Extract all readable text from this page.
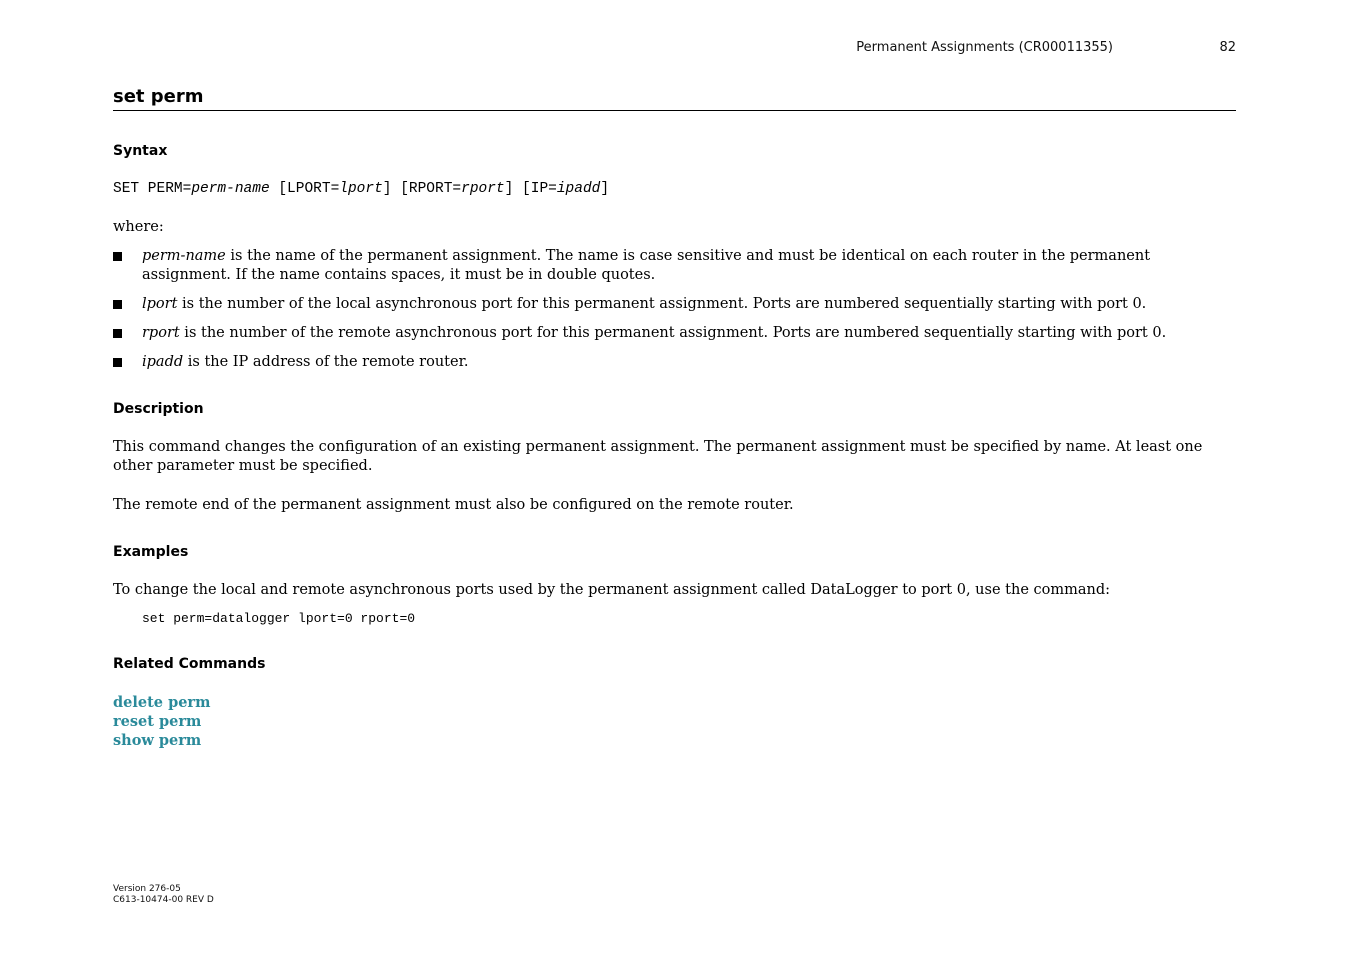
Permanent Assignments (CR00011355)	82
set perm
Syntax
SET PERM=perm-name [LPORT=lport] [RPORT=rport] [IP=ipadd]

where:

perm-name is the name of the permanent assignment. The name is case sensitive and must be identical on each router in the permanent assignment. If the name contains spaces, it must be in double quotes.
lport is the number of the local asynchronous port for this permanent assignment. Ports are numbered sequentially starting with port 0.
rport is the number of the remote asynchronous port for this permanent assignment. Ports are numbered sequentially starting with port 0.
ipadd is the IP address of the remote router.
Description

This command changes the configuration of an existing permanent assignment. The permanent assignment must be specified by name. At least one other parameter must be specified.

The remote end of the permanent assignment must also be configured on the remote router.

Examples

To change the local and remote asynchronous ports used by the permanent assignment called DataLogger to port 0, use the command:

set perm=datalogger lport=0 rport=0
Related Commands
delete perm
reset perm
show perm
Version 276-05
C613-10474-00 REV D
